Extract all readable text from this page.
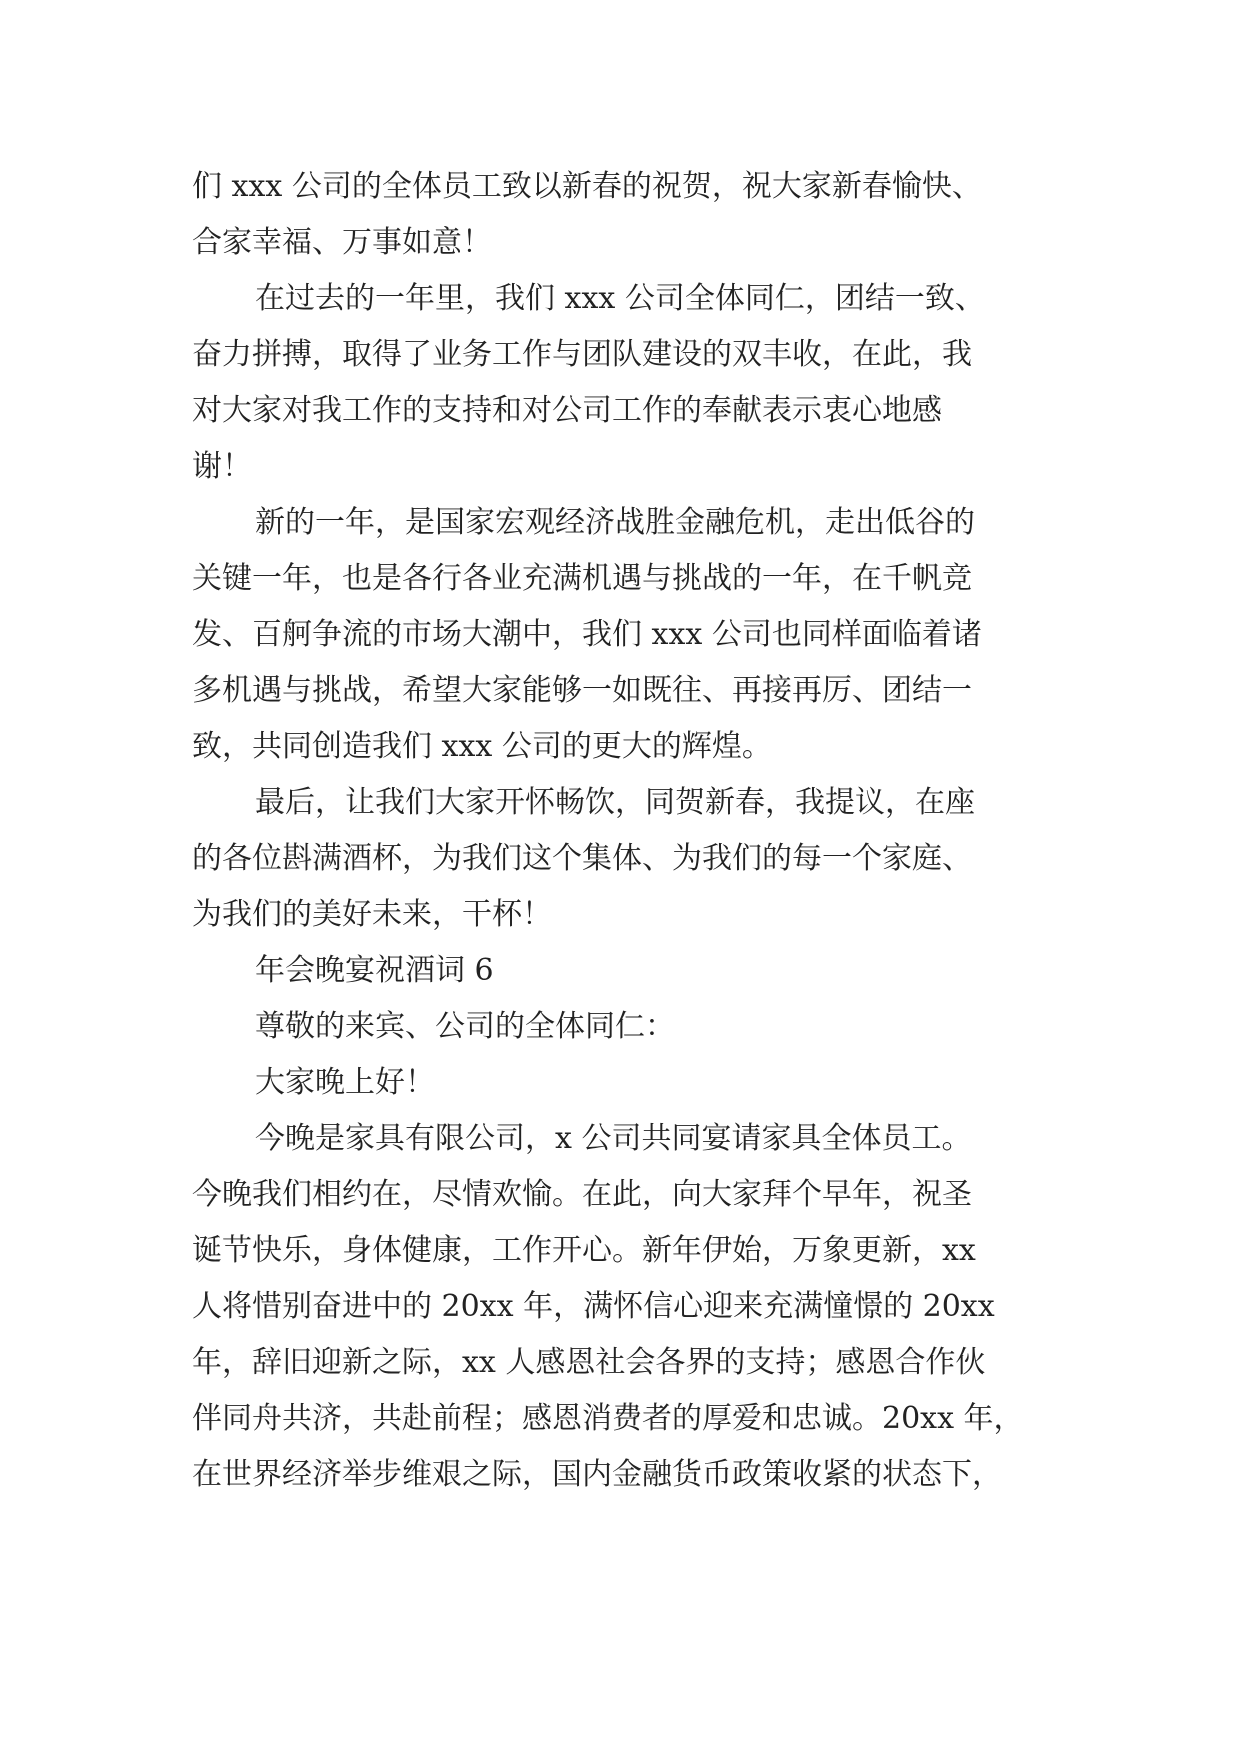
们 xxx 公司的全体员工致以新春的祝贺，祝大家新春愉快、
合家幸福、万事如意！
在过去的一年里，我们 xxx 公司全体同仁，团结一致、
奋力拼搏，取得了业务工作与团队建设的双丰收，在此，我
对大家对我工作的支持和对公司工作的奉献表示衷心地感
谢！
新的一年，是国家宏观经济战胜金融危机，走出低谷的
关键一年，也是各行各业充满机遇与挑战的一年，在千帆竞
发、百舸争流的市场大潮中，我们 xxx 公司也同样面临着诸
多机遇与挑战，希望大家能够一如既往、再接再厉、团结一
致，共同创造我们 xxx 公司的更大的辉煌。
最后，让我们大家开怀畅饮，同贺新春，我提议，在座
的各位斟满酒杯，为我们这个集体、为我们的每一个家庭、
为我们的美好未来，干杯！
年会晚宴祝酒词 6
尊敬的来宾、公司的全体同仁：
大家晚上好！
今晚是家具有限公司，x 公司共同宴请家具全体员工。
今晚我们相约在，尽情欢愉。在此，向大家拜个早年，祝圣
诞节快乐，身体健康，工作开心。新年伊始，万象更新，xx
人将惜别奋进中的 20xx 年，满怀信心迎来充满憧憬的 20xx
年，辞旧迎新之际，xx 人感恩社会各界的支持；感恩合作伙
伴同舟共济，共赴前程；感恩消费者的厚爱和忠诚。20xx 年，
在世界经济举步维艰之际，国内金融货币政策收紧的状态下，
